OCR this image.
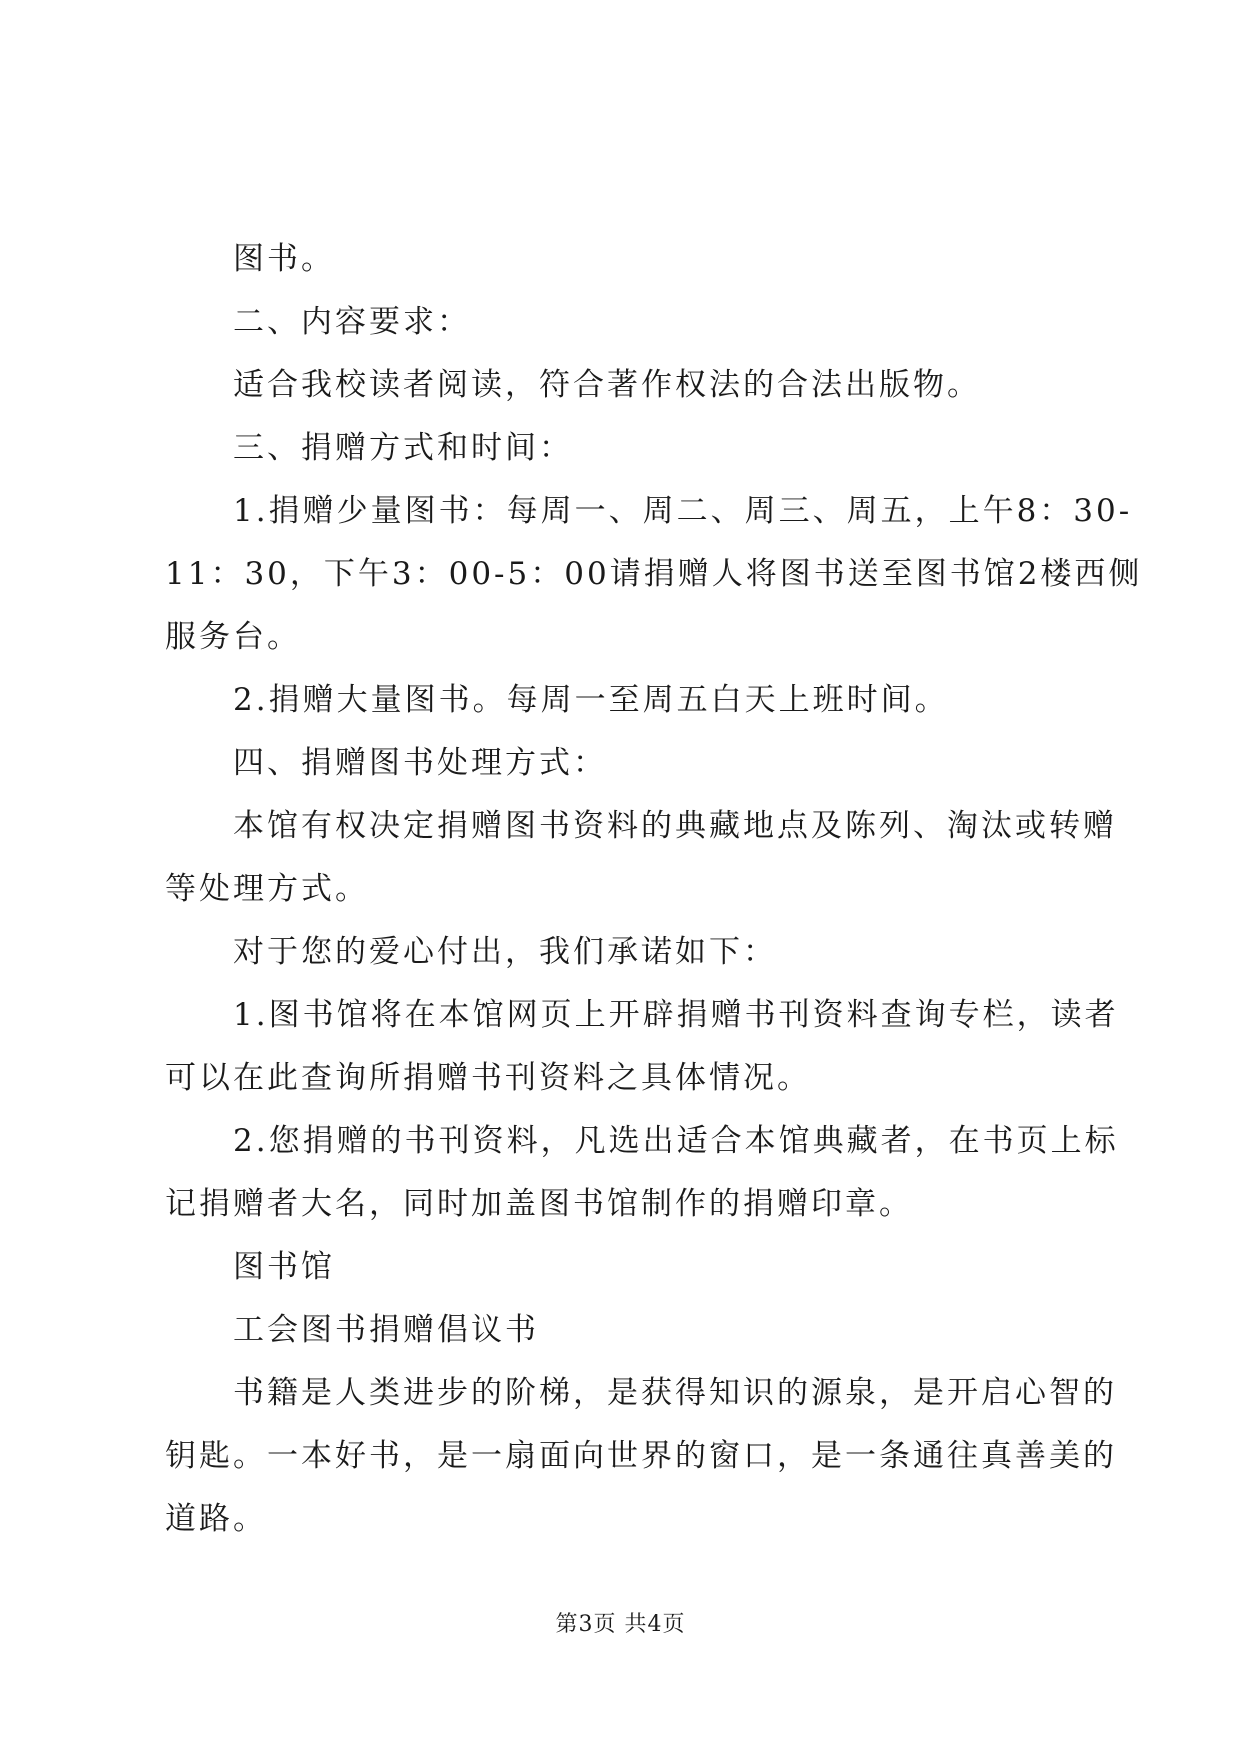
图书。

二、内容要求：

适合我校读者阅读，符合著作权法的合法出版物。

三、捐赠方式和时间：

1.捐赠少量图书：每周一、周二、周三、周五，上午8：30-

11：30，下午3：00-5：00请捐赠人将图书送至图书馆2楼西侧

服务台。

2.捐赠大量图书。每周一至周五白天上班时间。

四、捐赠图书处理方式：

本馆有权决定捐赠图书资料的典藏地点及陈列、淘汰或转赠

等处理方式。

对于您的爱心付出，我们承诺如下：

1.图书馆将在本馆网页上开辟捐赠书刊资料查询专栏，读者

可以在此查询所捐赠书刊资料之具体情况。

2.您捐赠的书刊资料，凡选出适合本馆典藏者，在书页上标

记捐赠者大名，同时加盖图书馆制作的捐赠印章。

图书馆

工会图书捐赠倡议书

书籍是人类进步的阶梯，是获得知识的源泉，是开启心智的

钥匙。一本好书，是一扇面向世界的窗口，是一条通往真善美的

道路。

第3页 共4页
